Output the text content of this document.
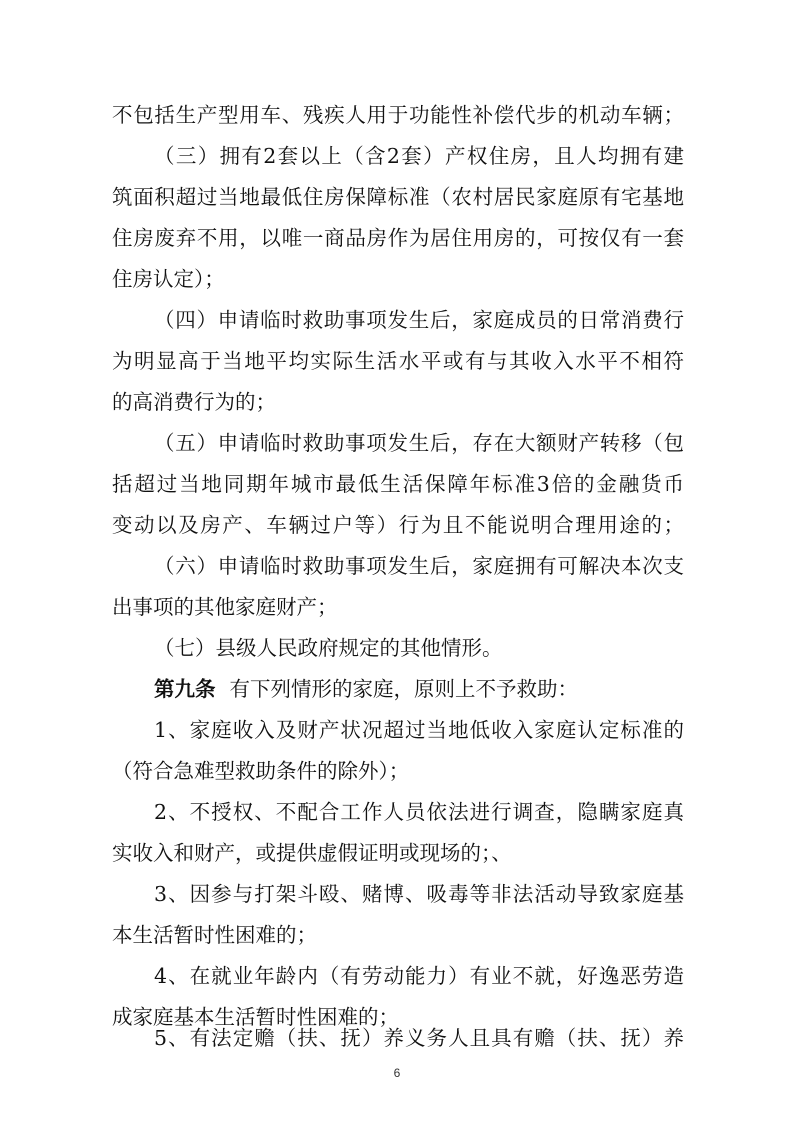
不包括生产型用车、残疾人用于功能性补偿代步的机动车辆；
（三）拥有2套以上（含2套）产权住房，且人均拥有建
筑面积超过当地最低住房保障标准（农村居民家庭原有宅基地
住房废弃不用，以唯一商品房作为居住用房的，可按仅有一套
住房认定）；
（四）申请临时救助事项发生后，家庭成员的日常消费行
为明显高于当地平均实际生活水平或有与其收入水平不相符
的高消费行为的；
（五）申请临时救助事项发生后，存在大额财产转移（包
括超过当地同期年城市最低生活保障年标准3倍的金融货币
变动以及房产、车辆过户等）行为且不能说明合理用途的；
（六）申请临时救助事项发生后，家庭拥有可解决本次支
出事项的其他家庭财产；
（七）县级人民政府规定的其他情形。
第九条 有下列情形的家庭，原则上不予救助：
1、家庭收入及财产状况超过当地低收入家庭认定标准的
（符合急难型救助条件的除外）；
2、不授权、不配合工作人员依法进行调查，隐瞒家庭真
实收入和财产，或提供虚假证明或现场的；、
3、因参与打架斗殴、赌博、吸毒等非法活动导致家庭基
本生活暂时性困难的；
4、在就业年龄内（有劳动能力）有业不就，好逸恶劳造
成家庭基本生活暂时性困难的；
5、有法定赡（扶、抚）养义务人且具有赡（扶、抚）养
6
